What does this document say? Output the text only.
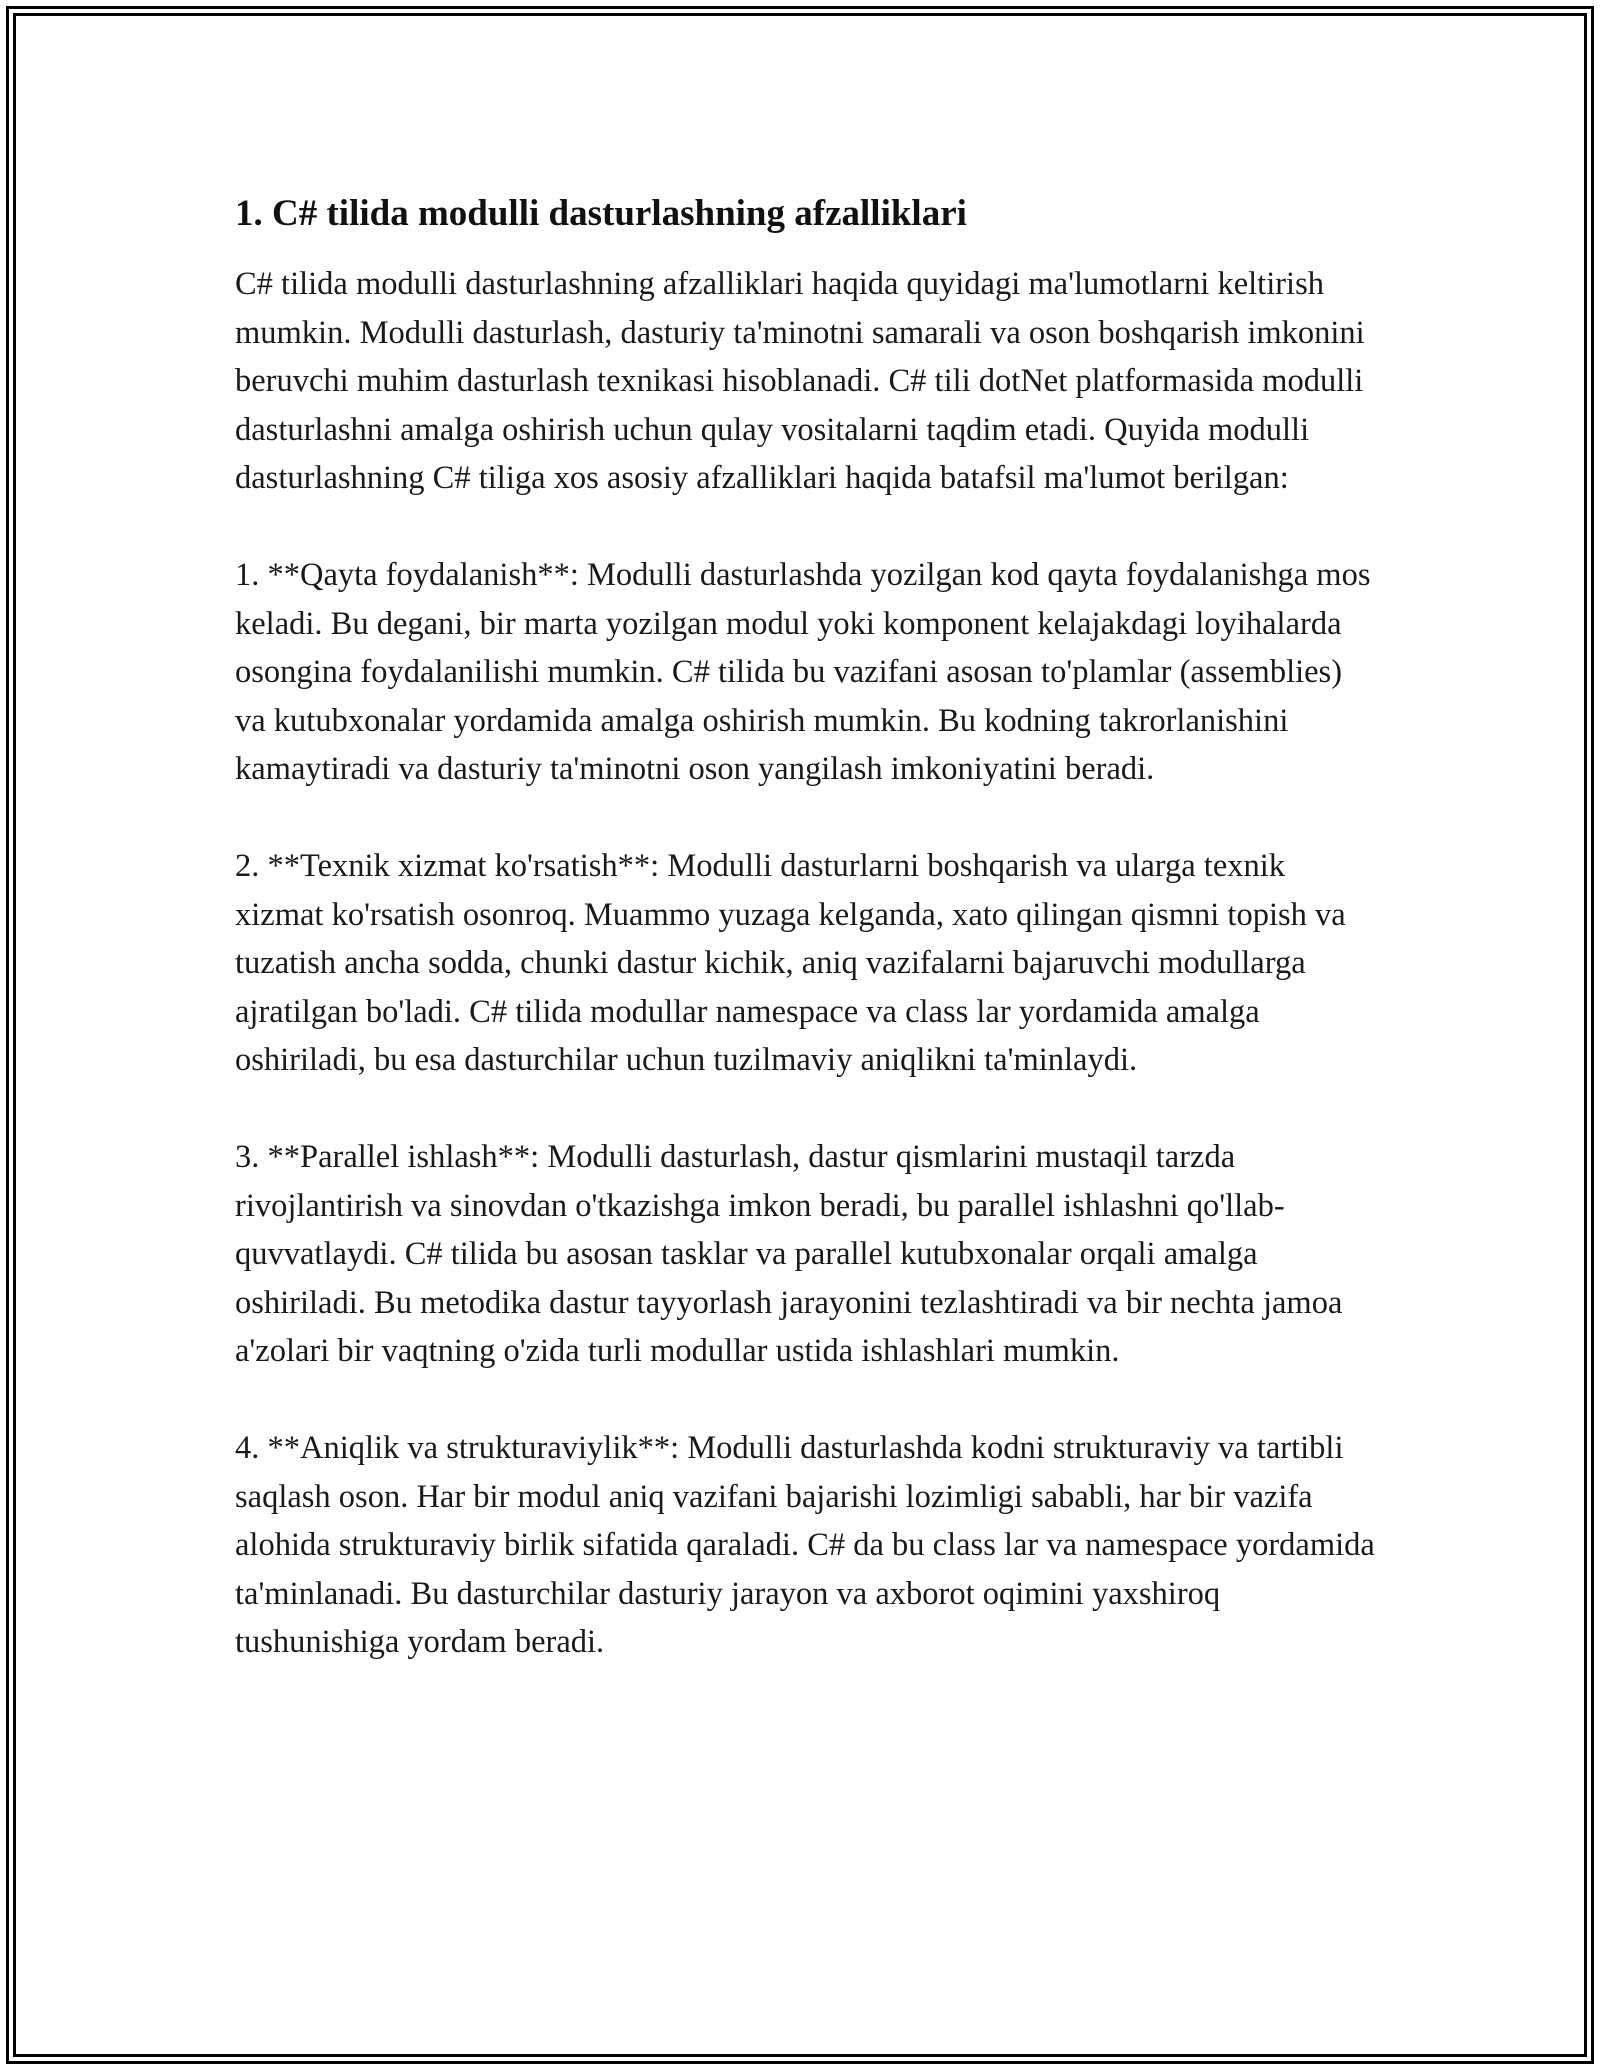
1. C# tilida modulli dasturlashning afzalliklari

C# tilida modulli dasturlashning afzalliklari haqida quyidagi ma'lumotlarni keltirish mumkin. Modulli dasturlash, dasturiy ta'minotni samarali va oson boshqarish imkonini beruvchi muhim dasturlash texnikasi hisoblanadi. C# tili dotNet platformasida modulli dasturlashni amalga oshirish uchun qulay vositalarni taqdim etadi. Quyida modulli dasturlashning C# tiliga xos asosiy afzalliklari haqida batafsil ma'lumot berilgan:

1. **Qayta foydalanish**: Modulli dasturlashda yozilgan kod qayta foydalanishga mos keladi. Bu degani, bir marta yozilgan modul yoki komponent kelajakdagi loyihalarda osongina foydalanilishi mumkin. C# tilida bu vazifani asosan to'plamlar (assemblies) va kutubxonalar yordamida amalga oshirish mumkin. Bu kodning takrorlanishini kamaytiradi va dasturiy ta'minotni oson yangilash imkoniyatini beradi.

2. **Texnik xizmat ko'rsatish**: Modulli dasturlarni boshqarish va ularga texnik xizmat ko'rsatish osonroq. Muammo yuzaga kelganda, xato qilingan qismni topish va tuzatish ancha sodda, chunki dastur kichik, aniq vazifalarni bajaruvchi modullarga ajratilgan bo'ladi. C# tilida modullar namespace va class lar yordamida amalga oshiriladi, bu esa dasturchilar uchun tuzilmaviy aniqlikni ta'minlaydi.

3. **Parallel ishlash**: Modulli dasturlash, dastur qismlarini mustaqil tarzda rivojlantirish va sinovdan o'tkazishga imkon beradi, bu parallel ishlashni qo'llab-quvvatlaydi. C# tilida bu asosan tasklar va parallel kutubxonalar orqali amalga oshiriladi. Bu metodika dastur tayyorlash jarayonini tezlashtiradi va bir nechta jamoa a'zolari bir vaqtning o'zida turli modullar ustida ishlashlari mumkin.

4. **Aniqlik va strukturaviylik**: Modulli dasturlashda kodni strukturaviy va tartibli saqlash oson. Har bir modul aniq vazifani bajarishi lozimligi sababli, har bir vazifa alohida strukturaviy birlik sifatida qaraladi. C# da bu class lar va namespace yordamida ta'minlanadi. Bu dasturchilar dasturiy jarayon va axborot oqimini yaxshiroq tushunishiga yordam beradi.
